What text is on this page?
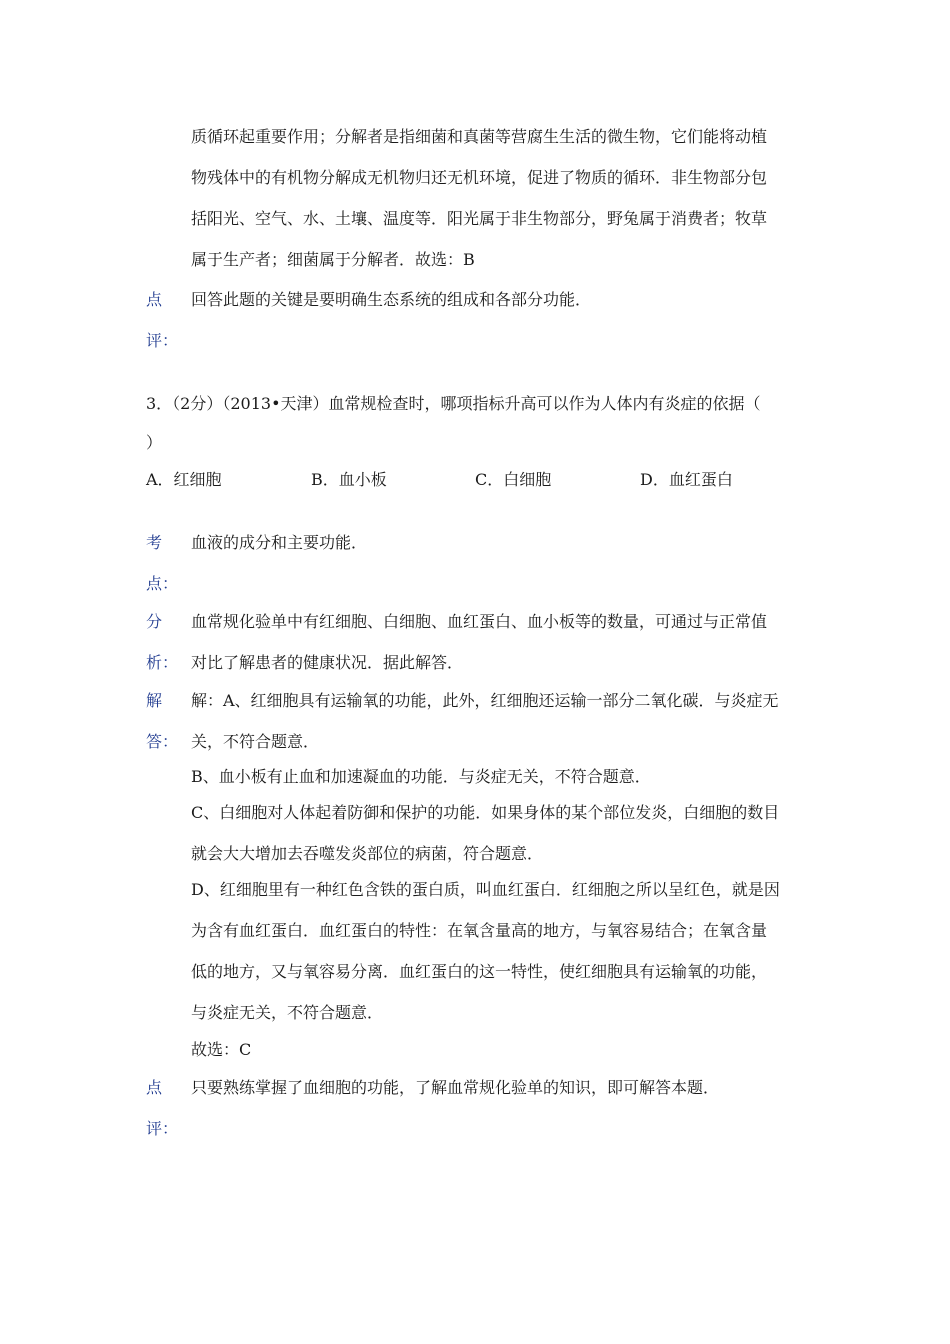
质循环起重要作用；分解者是指细菌和真菌等营腐生生活的微生物，它们能将动植
物残体中的有机物分解成无机物归还无机环境，促进了物质的循环．非生物部分包
括阳光、空气、水、土壤、温度等．阳光属于非生物部分，野兔属于消费者；牧草
属于生产者；细菌属于分解者．故选：B
点
评：
回答此题的关键是要明确生态系统的组成和各部分功能．
3．（2分）（2013•天津）血常规检查时，哪项指标升高可以作为人体内有炎症的依据（
）
A．红细胞	B．血小板	C．白细胞	D．血红蛋白
考
点：
血液的成分和主要功能．
分
析：
血常规化验单中有红细胞、白细胞、血红蛋白、血小板等的数量，可通过与正常值
对比了解患者的健康状况．据此解答．
解
答：
解：A、红细胞具有运输氧的功能，此外，红细胞还运输一部分二氧化碳．与炎症无
关，不符合题意．
B、血小板有止血和加速凝血的功能．与炎症无关，不符合题意．
C、白细胞对人体起着防御和保护的功能．如果身体的某个部位发炎，白细胞的数目
就会大大增加去吞噬发炎部位的病菌，符合题意．
D、红细胞里有一种红色含铁的蛋白质，叫血红蛋白．红细胞之所以呈红色，就是因
为含有血红蛋白．血红蛋白的特性：在氧含量高的地方，与氧容易结合；在氧含量
低的地方，又与氧容易分离．血红蛋白的这一特性，使红细胞具有运输氧的功能，
与炎症无关，不符合题意．
故选：C
点
评：
只要熟练掌握了血细胞的功能，了解血常规化验单的知识，即可解答本题．
